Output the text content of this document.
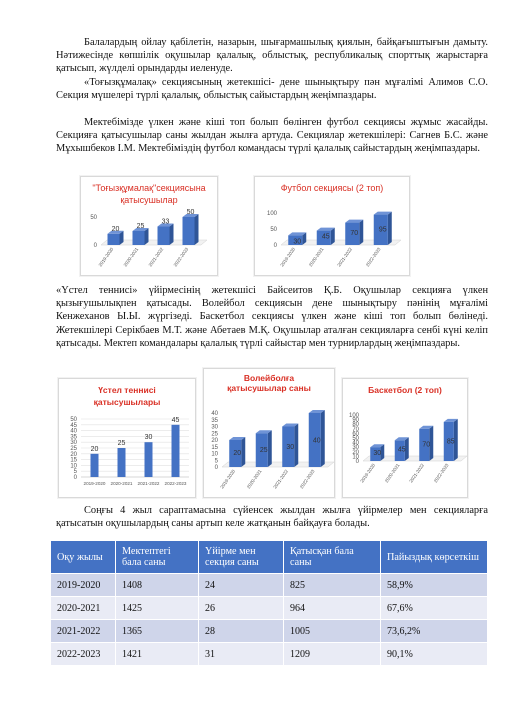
Балалардың ойлау қабілетін, назарын, шығармашылық қиялын, байқағыштығын дамыту. Нәтижесінде көпшілік оқушылар қалалық, облыстық, республикалық спорттық жарыстарға қатысып, жүлделі орындарды иеленуде.
«Тоғызқұмалақ» секциясының жетекшісі- дене шынықтыру пән мұғалімі Алимов С.О. Секция мүшелері түрлі қалалық, облыстық сайыстардың жеңімпаздары.
Мектебімізде үлкен және кіші топ болып бөлінген футбол секциясы жұмыс жасайды. Секцияға қатысушылар саны жылдан жылға артуда. Секциялар жетекшілері: Сагнев Б.С. және Мұхышбеков І.М. Мектебіміздің футбол командасы түрлі қалалық сайыстардың жеңімпаздары.
"Тоғызқұмалақ"секциясына
қатысушылар
0
50
20
2019-2020
25
2020-2021
33
2021-2022
50
2022-2023
Футбол секциясы (2 топ)
0
50
100
30
2019-2020
45
2020-2021
70
2021-2022
95
2022-2023
«Үстел теннисі» үйірмесінің жетекшісі Байсеитов Қ.Б. Оқушылар секцияға үлкен қызығушылықпен қатысады. Волейбол секциясын дене шынықтыру пәнінің мұғалімі Кенжеханов Ы.Ы. жүргізеді. Баскетбол секциясы үлкен және кіші топ болып бөлінеді. Жетекшілері Серікбаев М.Т. және Абетаев М.Қ. Оқушылар аталған секцияларға сенбі күні келіп қатысады. Мектеп командалары қалалық түрлі сайыстар мен турнирлардың жеңімпаздары.
Үстел теннисі
қатысушылары
0
5
10
15
20
25
30
35
40
45
50
20
2019-2020
25
2020-2021
30
2021-2022
45
2022-2023
Волейболға
қатысушылар саны
0
5
10
15
20
25
30
35
40
20
2019-2020
25
2020-2021
30
2021-2022
40
2022-2023
Баскетбол (2 топ)
0
10
20
30
40
50
60
70
80
90
100
30
2019-2020
45
2020-2021
70
2021-2022
85
2022-2023
Соңғы 4 жыл сараптамасына сүйенсек жылдан жылға үйірмелер мен секцияларға қатысатын оқушылардың саны артып келе жатқанын байқауға болады.
Оқу жылы	Мектептегі бала саны	Үйірме мен секция саны	Қатысқан бала саны	Пайыздық көрсеткіш
2019-2020	1408	24	825	58,9%
2020-2021	1425	26	964	67,6%
2021-2022	1365	28	1005	73,6,2%
2022-2023	1421	31	1209	90,1%
